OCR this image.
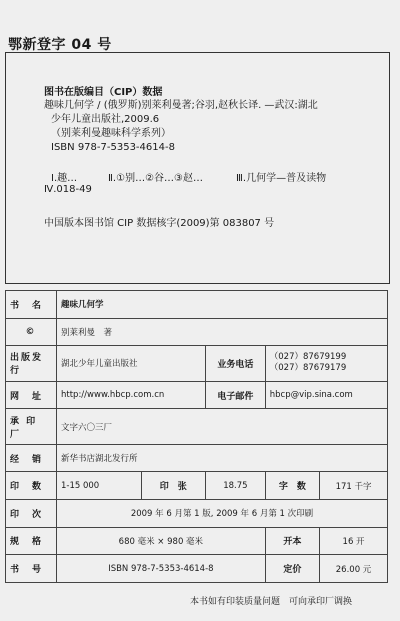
鄂新登字 04 号
图书在版编目（CIP）数据
趣味几何学 / (俄罗斯)别莱利曼著;谷羽,赵秋长译. —武汉:湖北
少年儿童出版社,2009.6
（别莱利曼趣味科学系列）
ISBN 978-7-5353-4614-8
Ⅰ.趣…	Ⅱ.①别…②谷…③赵…	Ⅲ.几何学—普及读物
Ⅳ.018-49
中国版本图书馆 CIP 数据核字(2009)第 083807 号
书　名	趣味几何学				
©	别莱利曼　著				
出版发行	湖北少年儿童出版社		业务电话	（027）87679199
（027）87679179	

网　址	http://www.hbcp.com.cn		电子邮件	hbcp@vip.sina.com	
承 印 厂	文字六〇三厂				
经　销	新华书店湖北发行所				
印　数	1-15 000	印　张	18.75	字　数	171 千字
印　次	2009 年 6 月第 1 版, 2009 年 6 月第 1 次印刷				
规　格	680 毫米 × 980 毫米			开本	16 开
书　号	ISBN 978-7-5353-4614-8			定价	26.00 元
本书如有印装质量问题　可向承印厂调换
